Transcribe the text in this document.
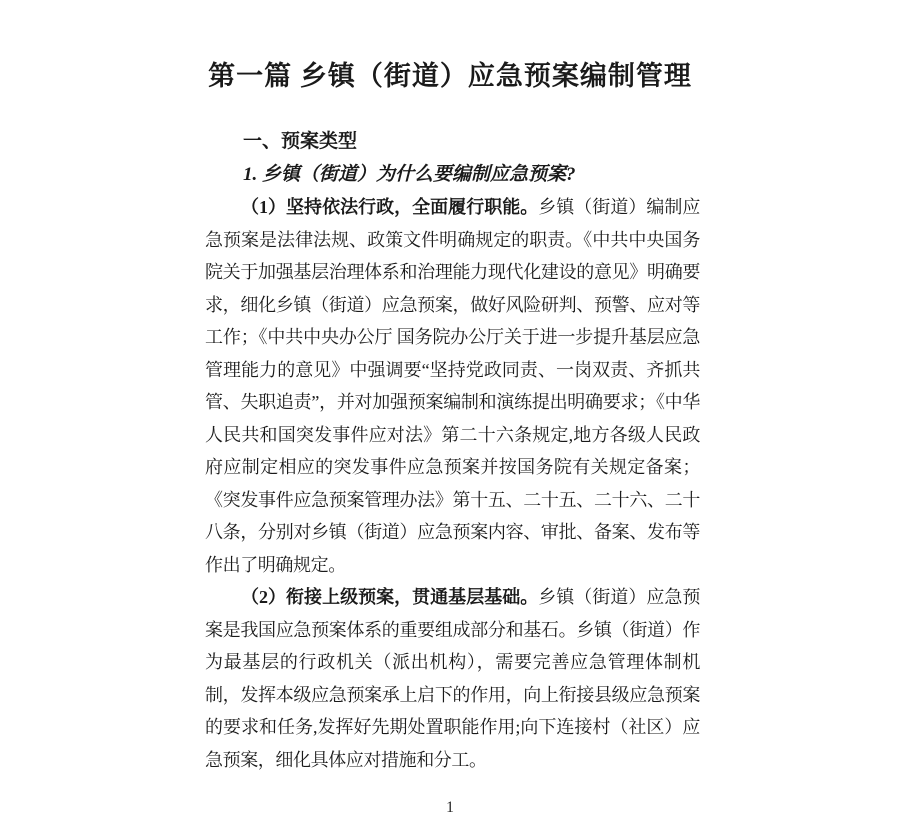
第一篇 乡镇（街道）应急预案编制管理
一、预案类型
1. 乡镇（街道）为什么要编制应急预案?

（1）坚持依法行政，全面履行职能。乡镇（街道）编制应急预案是法律法规、政策文件明确规定的职责。《中共中央国务院关于加强基层治理体系和治理能力现代化建设的意见》明确要求，细化乡镇（街道）应急预案，做好风险研判、预警、应对等工作；《中共中央办公厅 国务院办公厅关于进一步提升基层应急管理能力的意见》中强调要“坚持党政同责、一岗双责、齐抓共管、失职追责”，并对加强预案编制和演练提出明确要求；《中华人民共和国突发事件应对法》第二十六条规定,地方各级人民政府应制定相应的突发事件应急预案并按国务院有关规定备案；《突发事件应急预案管理办法》第十五、二十五、二十六、二十八条，分别对乡镇（街道）应急预案内容、审批、备案、发布等作出了明确规定。

（2）衔接上级预案，贯通基层基础。乡镇（街道）应急预案是我国应急预案体系的重要组成部分和基石。乡镇（街道）作为最基层的行政机关（派出机构），需要完善应急管理体制机制，发挥本级应急预案承上启下的作用，向上衔接县级应急预案的要求和任务,发挥好先期处置职能作用;向下连接村（社区）应急预案，细化具体应对措施和分工。

1
